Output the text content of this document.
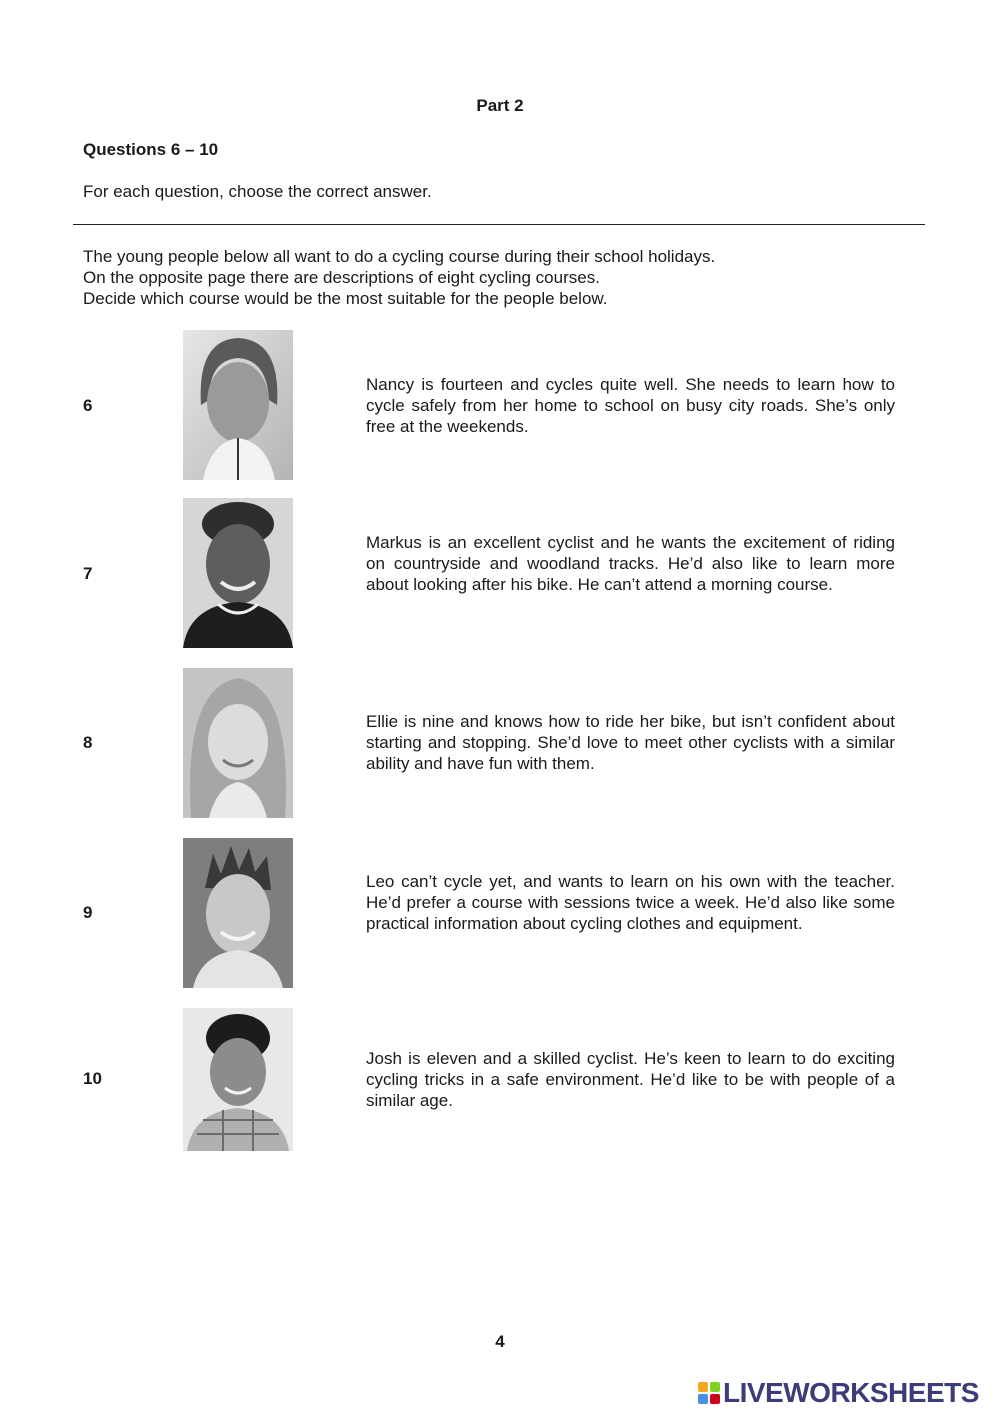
Part 2
Questions 6 – 10
For each question, choose the correct answer.
The young people below all want to do a cycling course during their school holidays.
On the opposite page there are descriptions of eight cycling courses.
Decide which course would be the most suitable for the people below.
6
Nancy is fourteen and cycles quite well. She needs to learn how to cycle safely from her home to school on busy city roads. She’s only free at the weekends.
7
Markus is an excellent cyclist and he wants the excitement of riding on countryside and woodland tracks. He’d also like to learn more about looking after his bike. He can’t attend a morning course.
8
Ellie is nine and knows how to ride her bike, but isn’t confident about starting and stopping. She’d love to meet other cyclists with a similar ability and have fun with them.
9
Leo can’t cycle yet, and wants to learn on his own with the teacher. He’d prefer a course with sessions twice a week. He’d also like some practical information about cycling clothes and equipment.
10
Josh is eleven and a skilled cyclist. He’s keen to learn to do exciting cycling tricks in a safe environment. He’d like to be with people of a similar age.
4
LIVEWORKSHEETS
